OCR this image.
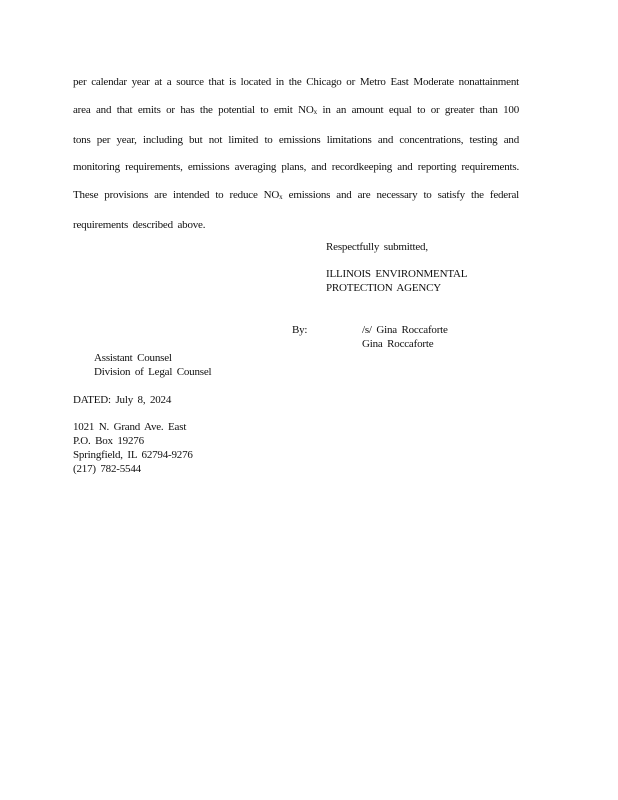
per calendar year at a source that is located in the Chicago or Metro East Moderate nonattainment area and that emits or has the potential to emit NOx in an amount equal to or greater than 100 tons per year, including but not limited to emissions limitations and concentrations, testing and monitoring requirements, emissions averaging plans, and recordkeeping and reporting requirements. These provisions are intended to reduce NOx emissions and are necessary to satisfy the federal requirements described above.

Respectfully submitted,
ILLINOIS ENVIRONMENTAL
PROTECTION AGENCY
By:	/s/ Gina Roccaforte
Gina Roccaforte
Assistant Counsel
Division of Legal Counsel
DATED: July 8, 2024
1021 N. Grand Ave. East
P.O. Box 19276
Springfield, IL 62794-9276
(217) 782-5544
